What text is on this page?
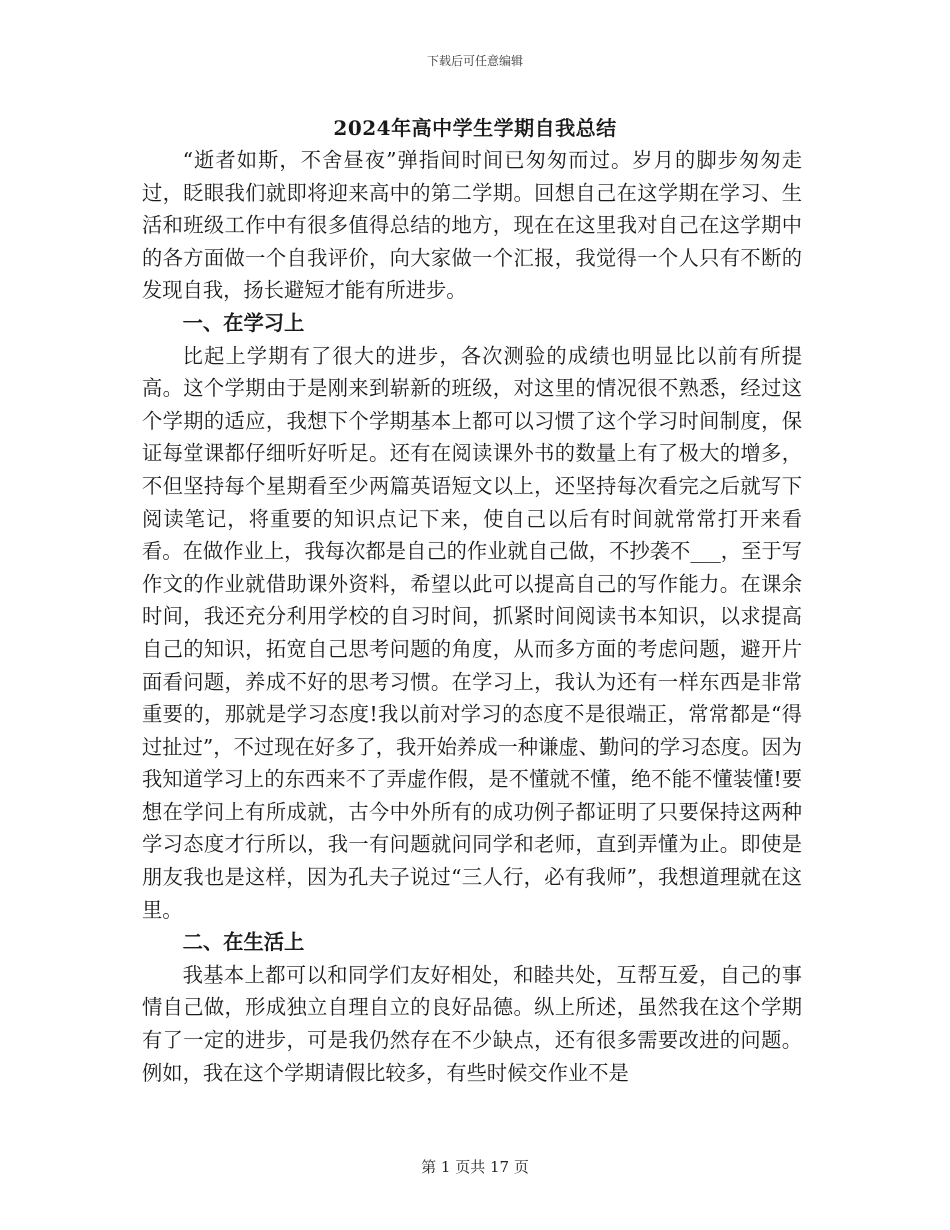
下载后可任意编辑
2024年高中学生学期自我总结

“逝者如斯，不舍昼夜”弹指间时间已匆匆而过。岁月的脚步匆匆走过，眨眼我们就即将迎来高中的第二学期。回想自己在这学期在学习、生活和班级工作中有很多值得总结的地方，现在在这里我对自己在这学期中的各方面做一个自我评价，向大家做一个汇报，我觉得一个人只有不断的发现自我，扬长避短才能有所进步。

一、在学习上

比起上学期有了很大的进步，各次测验的成绩也明显比以前有所提高。这个学期由于是刚来到崭新的班级，对这里的情况很不熟悉，经过这个学期的适应，我想下个学期基本上都可以习惯了这个学习时间制度，保证每堂课都仔细听好听足。还有在阅读课外书的数量上有了极大的增多，不但坚持每个星期看至少两篇英语短文以上，还坚持每次看完之后就写下阅读笔记，将重要的知识点记下来，使自己以后有时间就常常打开来看看。在做作业上，我每次都是自己的作业就自己做，不抄袭不___，至于写作文的作业就借助课外资料，希望以此可以提高自己的写作能力。在课余时间，我还充分利用学校的自习时间，抓紧时间阅读书本知识，以求提高自己的知识，拓宽自己思考问题的角度，从而多方面的考虑问题，避开片面看问题，养成不好的思考习惯。在学习上，我认为还有一样东西是非常重要的，那就是学习态度!我以前对学习的态度不是很端正，常常都是“得过扯过”，不过现在好多了，我开始养成一种谦虚、勤问的学习态度。因为我知道学习上的东西来不了弄虚作假，是不懂就不懂，绝不能不懂装懂!要想在学问上有所成就，古今中外所有的成功例子都证明了只要保持这两种学习态度才行所以，我一有问题就问同学和老师，直到弄懂为止。即使是朋友我也是这样，因为孔夫子说过“三人行，必有我师”，我想道理就在这里。

二、在生活上

我基本上都可以和同学们友好相处，和睦共处，互帮互爱，自己的事情自己做，形成独立自理自立的良好品德。纵上所述，虽然我在这个学期有了一定的进步，可是我仍然存在不少缺点，还有很多需要改进的问题。例如，我在这个学期请假比较多，有些时候交作业不是

第 1 页共 17 页
